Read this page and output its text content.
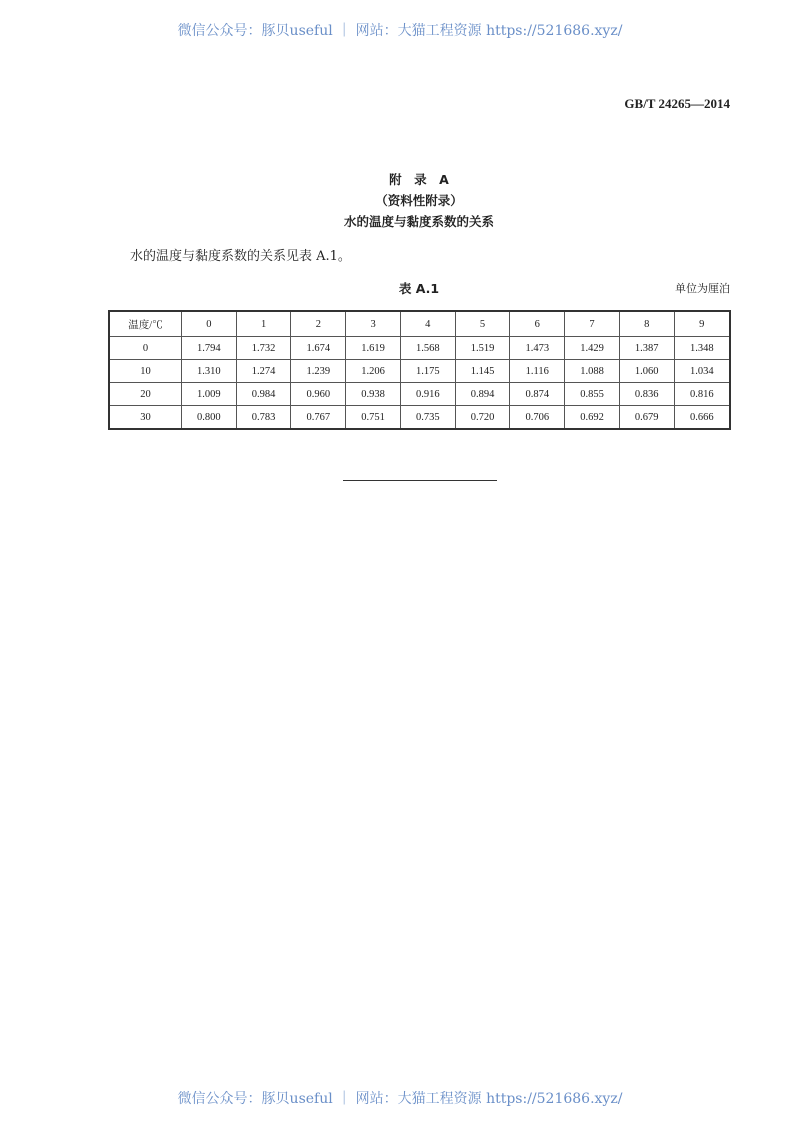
微信公众号：豚贝useful ｜ 网站：大猫工程资源 https://521686.xyz/
GB/T 24265—2014
附　录　A
（资料性附录）
水的温度与黏度系数的关系
水的温度与黏度系数的关系见表 A.1。
表 A.1	单位为厘泊
温度/℃	0	1	2	3	4	5	6	7	8	9
0	1.794	1.732	1.674	1.619	1.568	1.519	1.473	1.429	1.387	1.348
10	1.310	1.274	1.239	1.206	1.175	1.145	1.116	1.088	1.060	1.034
20	1.009	0.984	0.960	0.938	0.916	0.894	0.874	0.855	0.836	0.816
30	0.800	0.783	0.767	0.751	0.735	0.720	0.706	0.692	0.679	0.666
微信公众号：豚贝useful ｜ 网站：大猫工程资源 https://521686.xyz/
